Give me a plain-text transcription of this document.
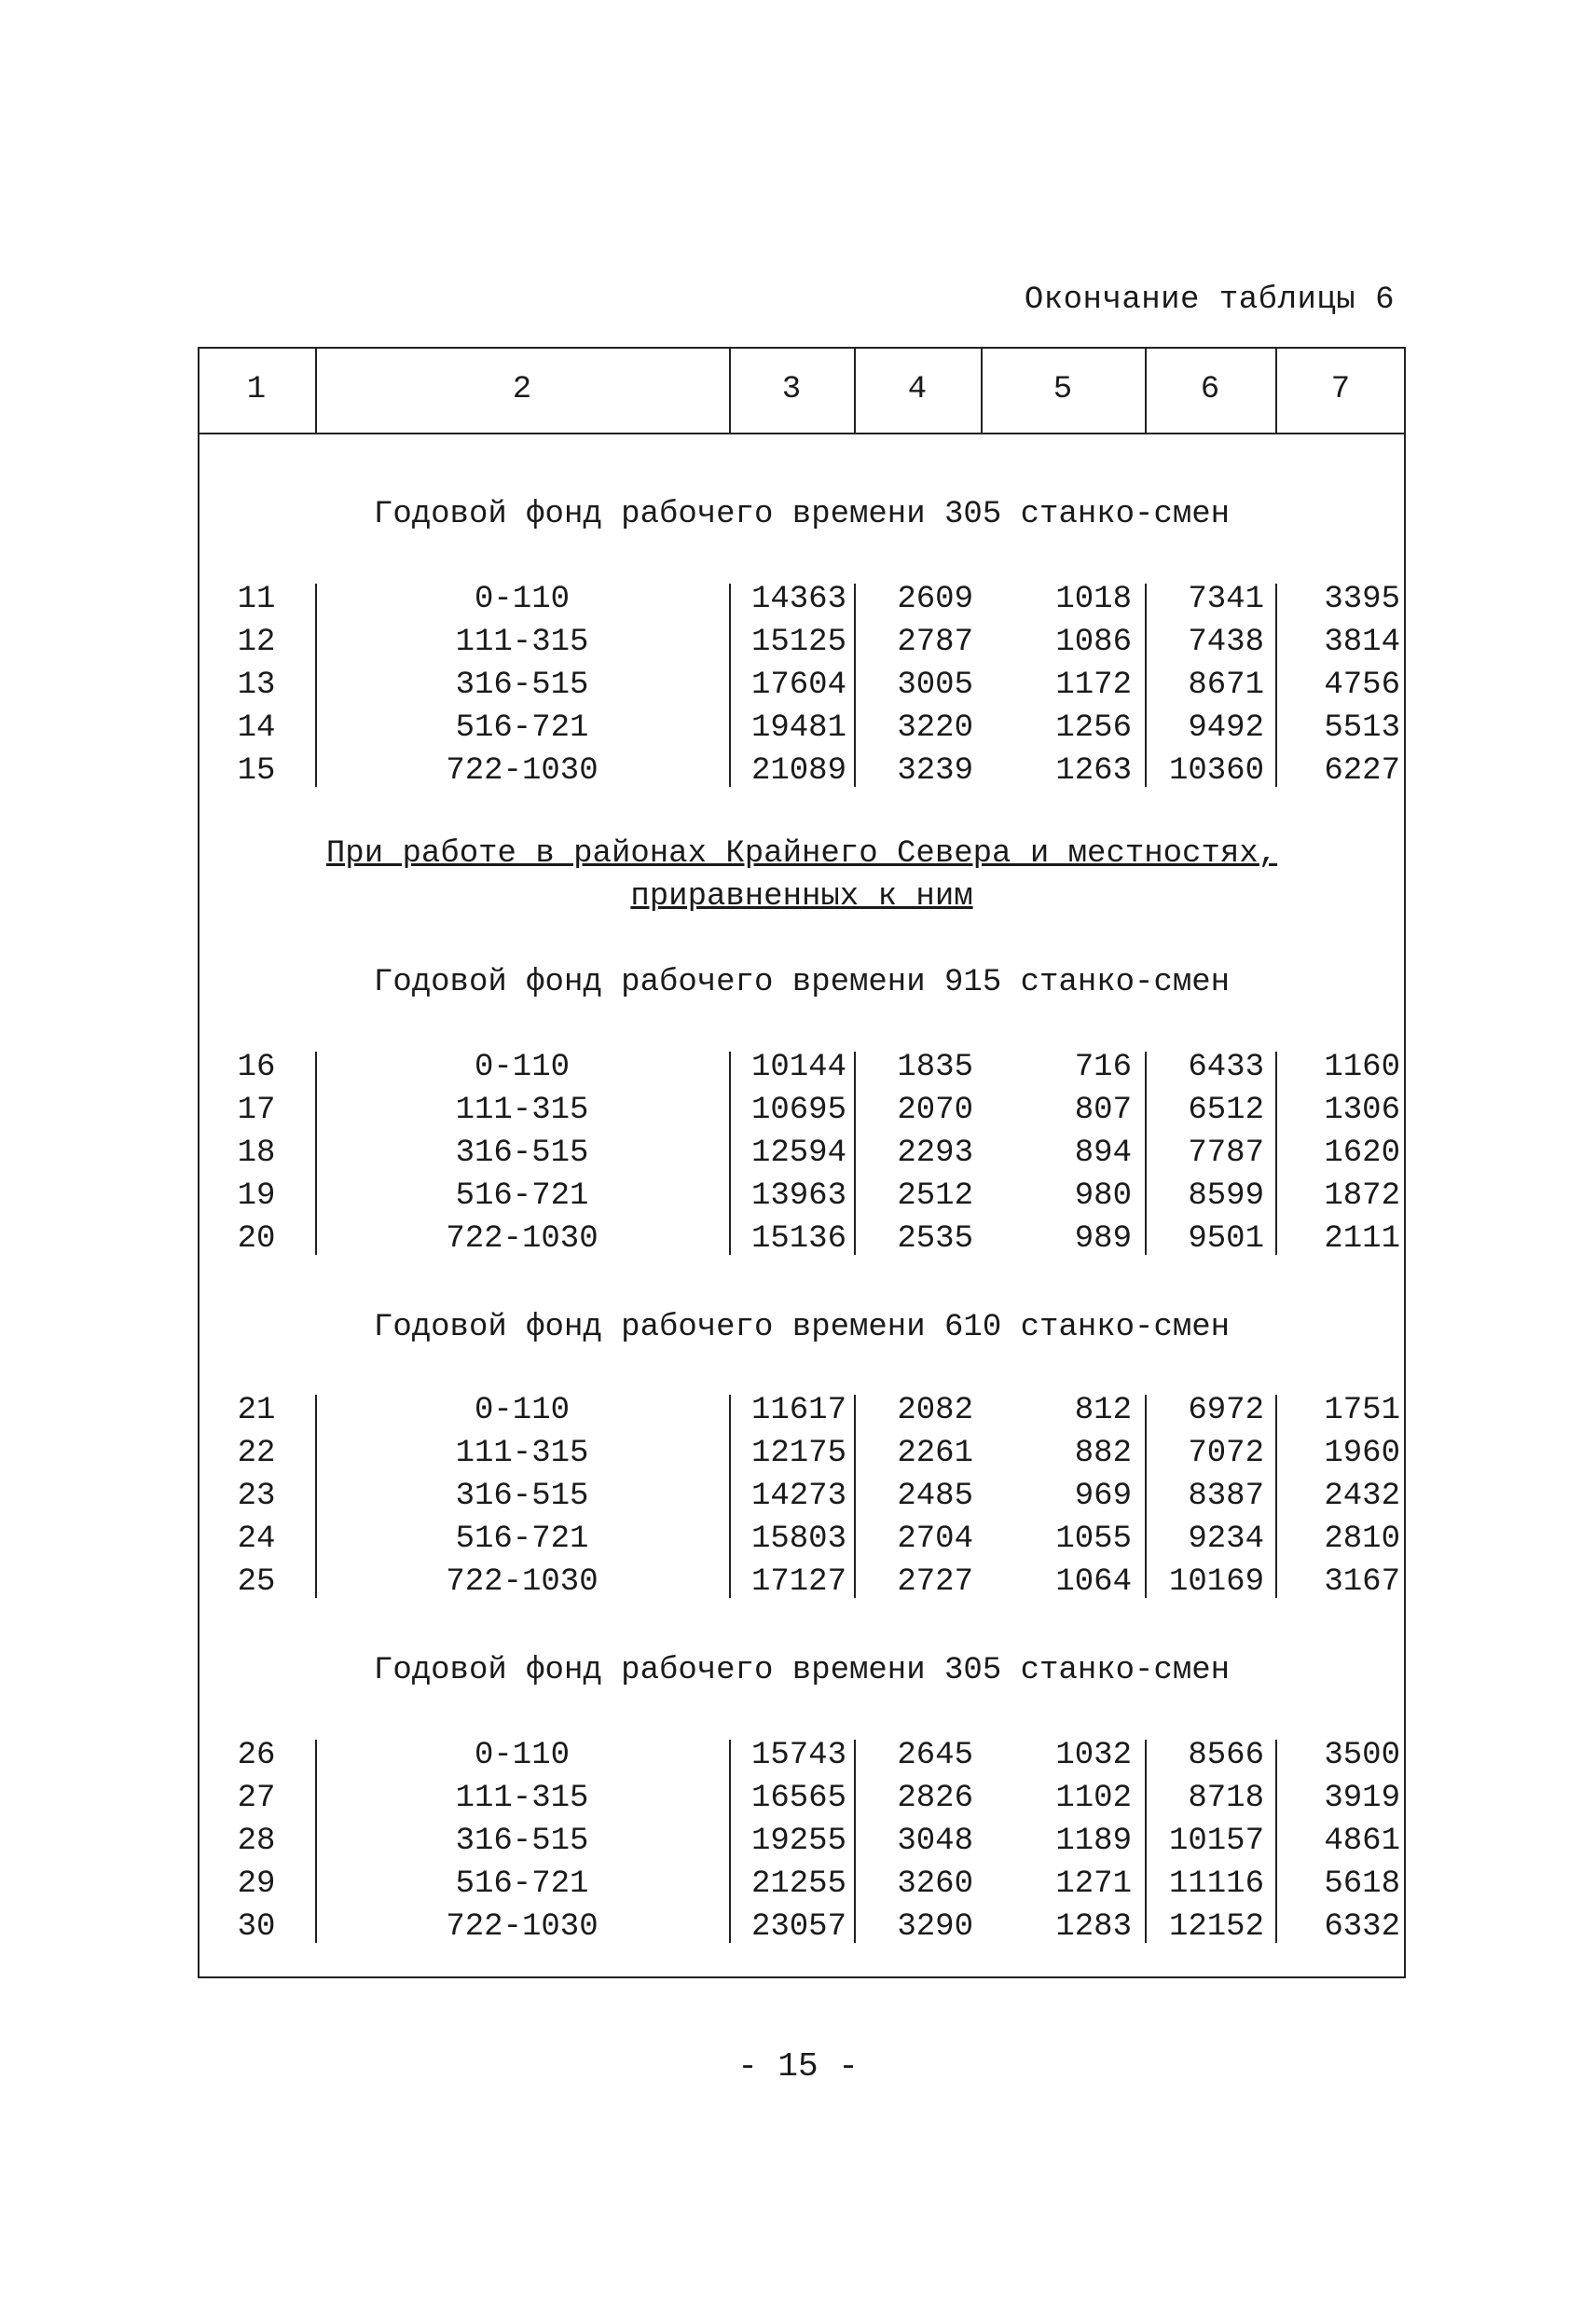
Окончание таблицы 6
1	2	3	4	5	6	7
Годовой фонд рабочего времени 305 станко-смен
При работе в районах Крайнего Севера и местностях,
приравненных к ним
Годовой фонд рабочего времени 915 станко-смен
Годовой фонд рабочего времени 610 станко-смен
Годовой фонд рабочего времени 305 станко-смен
11	0-110	14363	2609	1018	7341	3395
12	111-315	15125	2787	1086	7438	3814
13	316-515	17604	3005	1172	8671	4756
14	516-721	19481	3220	1256	9492	5513
15	722-1030	21089	3239	1263	10360	6227
16	0-110	10144	1835	716	6433	1160
17	111-315	10695	2070	807	6512	1306
18	316-515	12594	2293	894	7787	1620
19	516-721	13963	2512	980	8599	1872
20	722-1030	15136	2535	989	9501	2111
21	0-110	11617	2082	812	6972	1751
22	111-315	12175	2261	882	7072	1960
23	316-515	14273	2485	969	8387	2432
24	516-721	15803	2704	1055	9234	2810
25	722-1030	17127	2727	1064	10169	3167
26	0-110	15743	2645	1032	8566	3500
27	111-315	16565	2826	1102	8718	3919
28	316-515	19255	3048	1189	10157	4861
29	516-721	21255	3260	1271	11116	5618
30	722-1030	23057	3290	1283	12152	6332
- 15 -
